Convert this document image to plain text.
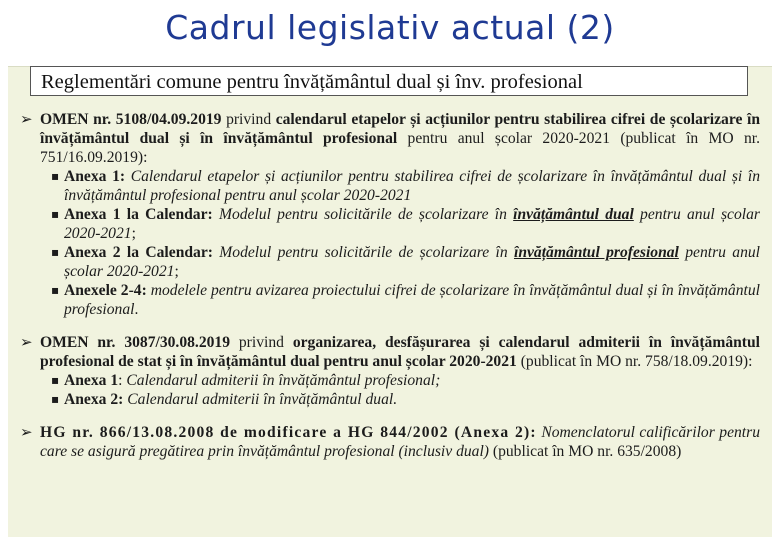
Cadrul legislativ actual (2)
Reglementări comune pentru învățământul dual și înv. profesional
➢ OMEN nr. 5108/04.09.2019 privind calendarul etapelor și acțiunilor pentru stabilirea cifrei de școlarizare în învățământul dual și în învățământul profesional pentru anul școlar 2020-2021 (publicat în MO nr. 751/16.09.2019):
▪ Anexa 1: Calendarul etapelor și acțiunilor pentru stabilirea cifrei de școlarizare în învățământul dual și în învățământul profesional pentru anul școlar 2020-2021
▪ Anexa 1 la Calendar: Modelul pentru solicitările de școlarizare în învățământul dual pentru anul școlar 2020-2021;
▪ Anexa 2 la Calendar: Modelul pentru solicitările de școlarizare în învățământul profesional pentru anul școlar 2020-2021;
▪ Anexele 2-4: modelele pentru avizarea proiectului cifrei de școlarizare în învățământul dual și în învățământul profesional.
➢ OMEN nr. 3087/30.08.2019 privind organizarea, desfășurarea și calendarul admiterii în învățământul profesional de stat și în învățământul dual pentru anul școlar 2020-2021 (publicat în MO nr. 758/18.09.2019):
▪ Anexa 1: Calendarul admiterii în învățământul profesional;
▪ Anexa 2: Calendarul admiterii în învățământul dual.
➢ HG nr. 866/13.08.2008 de modificare a HG 844/2002 (Anexa 2): Nomenclatorul calificărilor pentru care se asigură pregătirea prin învățământul profesional (inclusiv dual) (publicat în MO nr. 635/2008)
